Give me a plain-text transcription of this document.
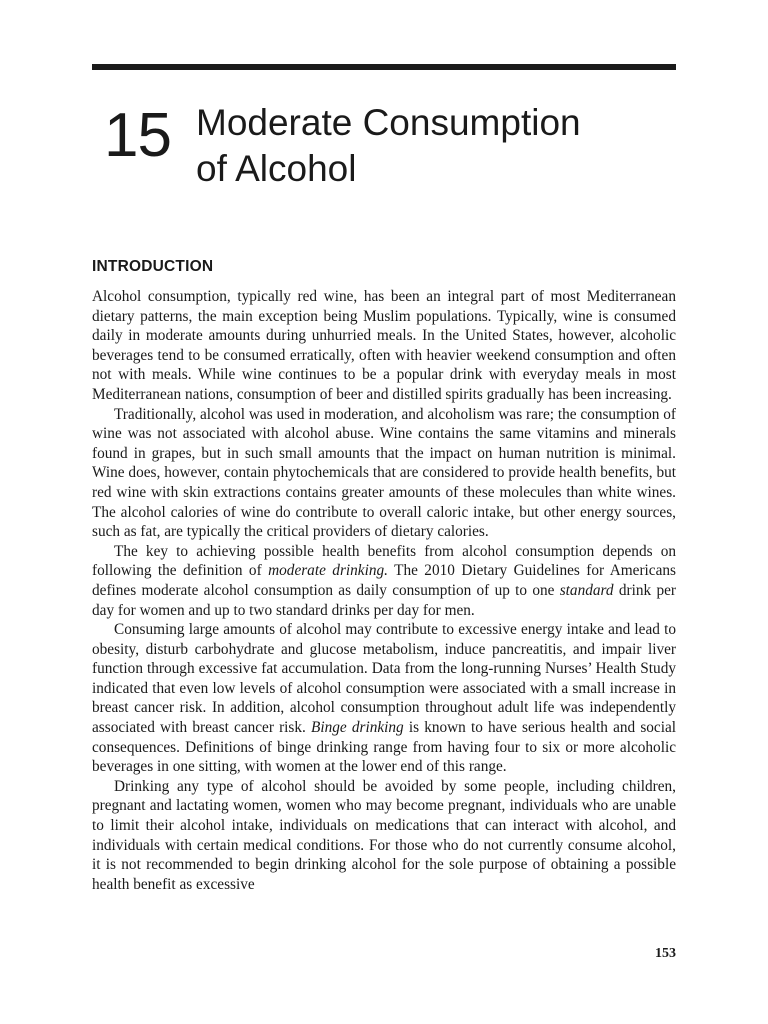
15 Moderate Consumption
of Alcohol
INTRODUCTION

Alcohol consumption, typically red wine, has been an integral part of most Mediterranean dietary patterns, the main exception being Muslim populations. Typically, wine is consumed daily in moderate amounts during unhurried meals. In the United States, however, alcoholic beverages tend to be consumed erratically, often with heavier weekend consumption and often not with meals. While wine continues to be a popular drink with everyday meals in most Mediterranean nations, consumption of beer and distilled spirits gradually has been increasing.

Traditionally, alcohol was used in moderation, and alcoholism was rare; the consumption of wine was not associated with alcohol abuse. Wine contains the same vitamins and minerals found in grapes, but in such small amounts that the impact on human nutrition is minimal. Wine does, however, contain phytochemicals that are considered to provide health benefits, but red wine with skin extractions contains greater amounts of these molecules than white wines. The alcohol calories of wine do contribute to overall caloric intake, but other energy sources, such as fat, are typically the critical providers of dietary calories.

The key to achieving possible health benefits from alcohol consumption depends on following the definition of moderate drinking. The 2010 Dietary Guidelines for Americans defines moderate alcohol consumption as daily consumption of up to one standard drink per day for women and up to two standard drinks per day for men.

Consuming large amounts of alcohol may contribute to excessive energy intake and lead to obesity, disturb carbohydrate and glucose metabolism, induce pancreatitis, and impair liver function through excessive fat accumulation. Data from the long-running Nurses’ Health Study indicated that even low levels of alcohol consumption were associated with a small increase in breast cancer risk. In addition, alcohol consumption throughout adult life was independently associated with breast cancer risk. Binge drinking is known to have serious health and social consequences. Definitions of binge drinking range from having four to six or more alcoholic beverages in one sitting, with women at the lower end of this range.

Drinking any type of alcohol should be avoided by some people, including children, pregnant and lactating women, women who may become pregnant, individuals who are unable to limit their alcohol intake, individuals on medications that can interact with alcohol, and individuals with certain medical conditions. For those who do not currently consume alcohol, it is not recommended to begin drinking alcohol for the sole purpose of obtaining a possible health benefit as excessive

153
